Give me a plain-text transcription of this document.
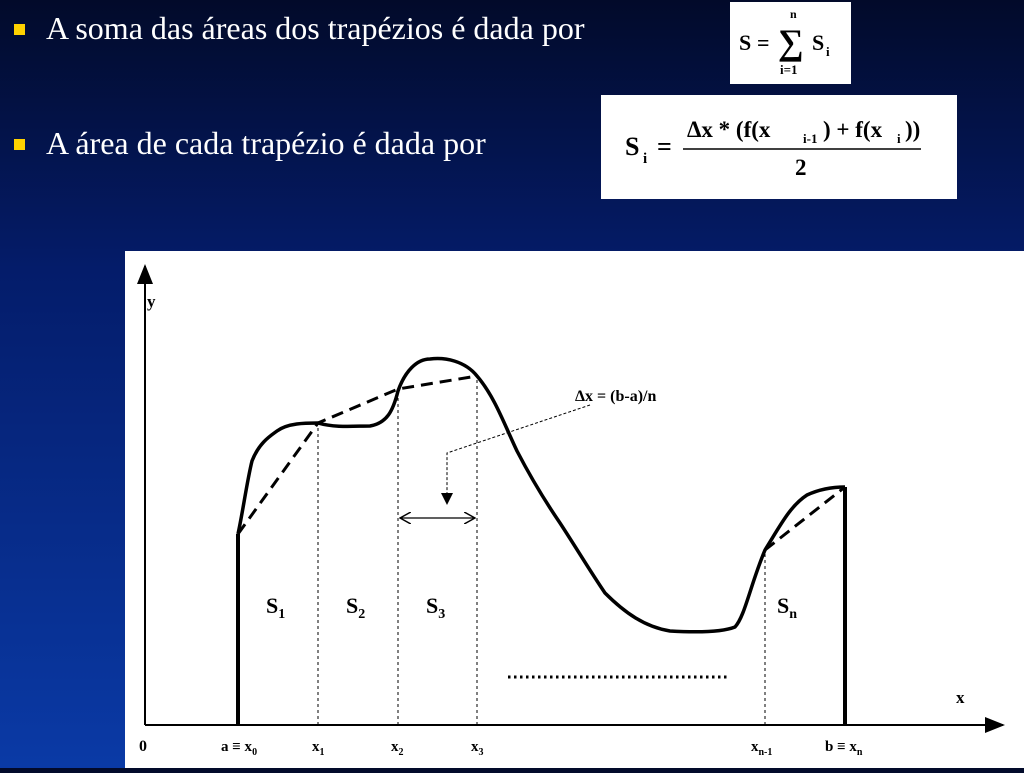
A soma das áreas dos trapézios é dada por
A área de cada trapézio é dada por
S = ∑
n
i=1
S i
S i =
Δx * (f(x	i-1 ) + f(x i ))
2
y
x
0
Δx = (b-a)/n
$S_1$	$S_2$	$S_3$	$S_n$
$a \equiv x_0$	$x_1$	$x_2$	$x_3$	$x_{n-1}$	$b \equiv x_n$
